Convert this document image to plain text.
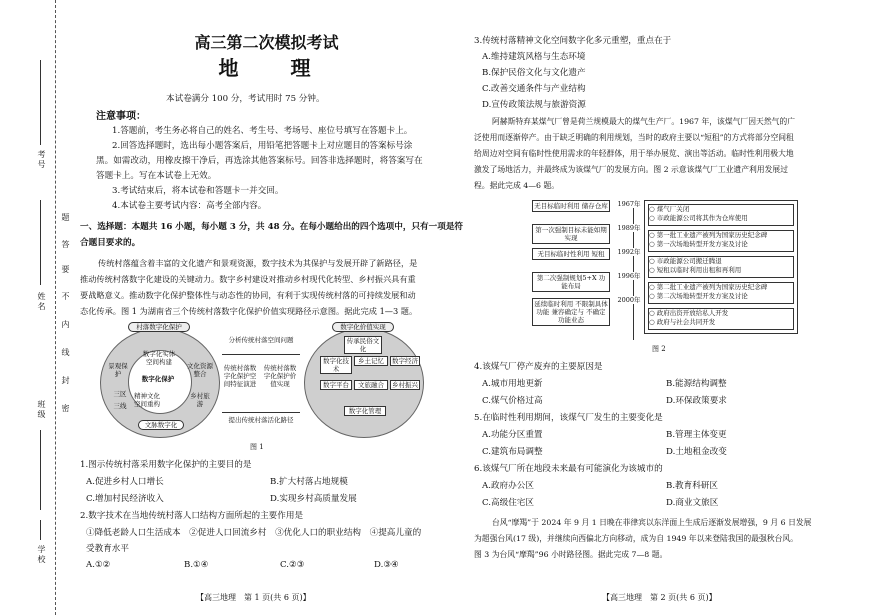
考号
题
答
要
不
内
线
封
密
姓名
班级
学校
高三第二次模拟考试
地　　理
本试卷满分 100 分，考试用时 75 分钟。
注意事项：
1.答题前，考生务必将自己的姓名、考生号、考场号、座位号填写在答题卡上。
2.回答选择题时，选出每小题答案后，用铅笔把答题卡上对应题目的答案标号涂
黑。如需改动，用橡皮擦干净后，再选涂其他答案标号。回答非选择题时，将答案写在
答题卡上。写在本试卷上无效。
3.考试结束后，将本试卷和答题卡一并交回。
4.本试卷主要考试内容：高考全部内容。
一、选择题：本题共 16 小题，每小题 3 分，共 48 分。在每小题给出的四个选项中，只有一项是符
合题目要求的。
传统村落蕴含着丰富的文化遗产和景观资源，数字技术为其保护与发展开辟了新路径，是
推动传统村落数字化建设的关键动力。数字乡村建设对推动乡村现代化转型、乡村振兴具有重
要战略意义。推动数字化保护整体性与动态性的协同，有利于实现传统村落的可持续发展和动
态化传承。图 1 为湖南省三个传统村落数字化保护价值实现路径示意图。据此完成 1—3 题。
村落数字化保护
数字化保护
数字化实体空间构建
景观保护
文化资源整合
精神文化空间重构
三区
三线
乡村旅游
文脉数字化
分析传统村落空间问题
传统村落数字化保护空间特征演进
传统村落数字化保护价值实现
提出传统村落活化路径
数字化价值实现
传承民俗文化
数字化技术
乡土记忆	数字经济
数字平台	文旅融合	乡村振兴
数字化管理
图 1
1.图示传统村落采用数字化保护的主要目的是
A.促进乡村人口增长	B.扩大村落占地规模
C.增加村民经济收入	D.实现乡村高质量发展
2.数字技术在当地传统村落人口结构方面所起的主要作用是
①降低老龄人口生活成本　②促进人口回流乡村　③优化人口的职业结构　④提高儿童的
受教育水平
A.①②	B.①④	C.②③	D.③④
【高三地理　第 1 页(共 6 页)】
3.传统村落精神文化空间数字化多元重塑，重点在于
A.维持建筑风格与生态环境
B.保护民俗文化与文化遗产
C.改善交通条件与产业结构
D.宣传政策法规与旅游资源
阿赫斯特弃某煤气厂曾是荷兰规模最大的煤气生产厂。1967 年，该煤气厂因天然气的广
泛使用而逐渐停产。由于缺乏明确的利用规划，当时的政府主要以“短租”的方式将部分空间租
给周边对空间有临时性使用需求的年轻群体，用于举办展览、演出等活动。临时性利用极大地
激发了场地活力，并最终成为该煤气厂的发展方向。图 2 示意该煤气厂工业遗产利用发展过
程。据此完成 4—6 题。
无目标临时利用 储存仓库
第一次强制目标未能如期实现
无目标临时性利用 短租
第二次强制规划5+X 功能布局
延续临时利用 不限制具体功能 兼容确定与 不确定功能业态
1967年
1989年
1992年
1996年
2000年
○ 煤气厂关闭
○ 市政能源公司将其作为仓库使用
○ 第一批工业遗产被列为国家历史纪念碑
○ 第一次场地转型开发方案及讨论
○ 市政能源公司搬迁腾退
○ 短租以临时利用出租和再利用
○ 第二批工业遗产被列为国家历史纪念碑
○ 第二次场地转型开发方案及讨论
○ 政府出资开放给私人开发
○ 政府与社会共同开发
图 2
4.该煤气厂停产废弃的主要原因是
A.城市用地更新	B.能源结构调整
C.煤气价格过高	D.环保政策要求
5.在临时性利用期间，该煤气厂发生的主要变化是
A.功能分区重置	B.管理主体变更
C.建筑布局调整	D.土地租金改变
6.该煤气厂所在地段未来最有可能演化为该城市的
A.政府办公区	B.教育科研区
C.高级住宅区	D.商业文旅区
台风“摩羯”于 2024 年 9 月 1 日晚在菲律宾以东洋面上生成后逐渐发展增强，9 月 6 日发展
为超强台风(17 级)，并继续向西偏北方向移动，成为自 1949 年以来登陆我国的最强秋台风。
图 3 为台风“摩羯”96 小时路径图。据此完成 7—8 题。
【高三地理　第 2 页(共 6 页)】
